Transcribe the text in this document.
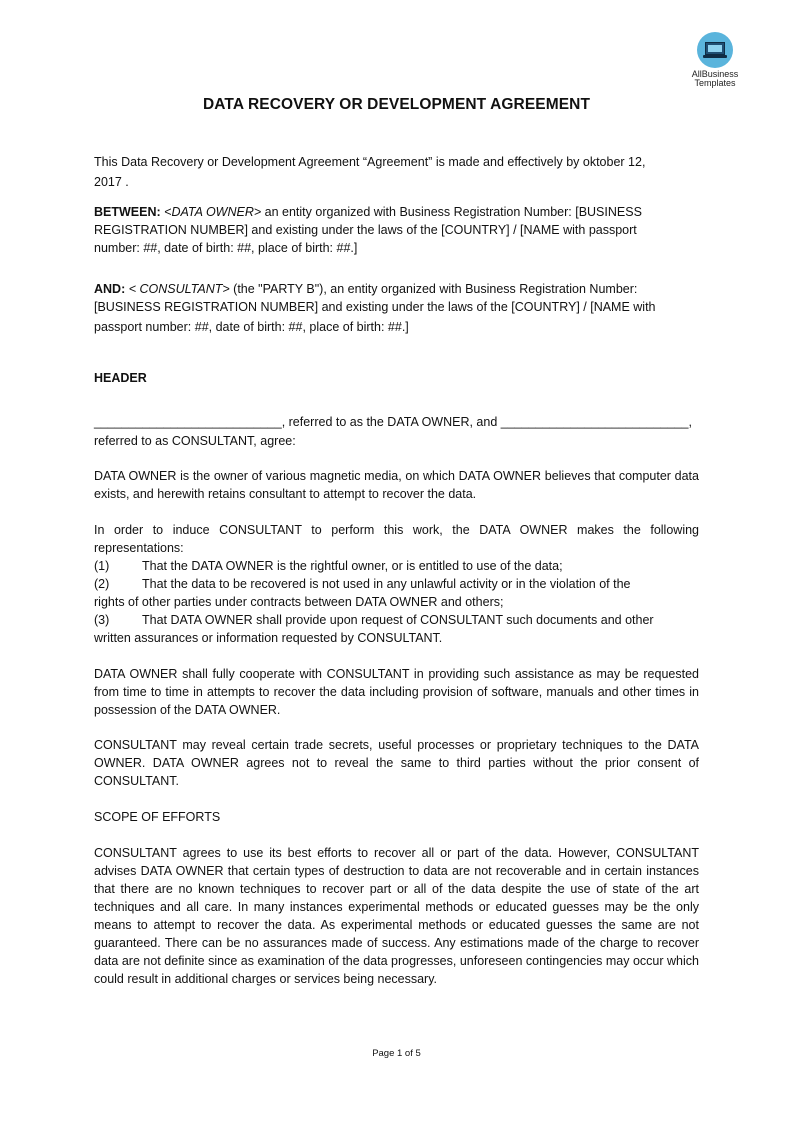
AllBusiness
Templates
DATA RECOVERY OR DEVELOPMENT AGREEMENT
This Data Recovery or Development Agreement “Agreement” is made and effectively by oktober 12,
2017 .
BETWEEN: <DATA OWNER> an entity organized with Business Registration Number: [BUSINESS
REGISTRATION NUMBER] and existing under the laws of the [COUNTRY] / [NAME with passport
number: ##, date of birth: ##, place of birth: ##.]
AND: < CONSULTANT> (the "PARTY B"), an entity organized with Business Registration Number:
[BUSINESS REGISTRATION NUMBER] and existing under the laws of the [COUNTRY] / [NAME with
passport number: ##, date of birth: ##, place of birth: ##.]
HEADER
___________________________, referred to as the DATA OWNER, and ___________________________,
referred to as CONSULTANT, agree:

DATA OWNER is the owner of various magnetic media, on which DATA OWNER believes that computer data exists, and herewith retains consultant to attempt to recover the data.

In order to induce CONSULTANT to perform this work, the DATA OWNER makes the following representations:

(1)	That the DATA OWNER is the rightful owner, or is entitled to use of the data;
(2)	That the data to be recovered is not used in any unlawful activity or in the violation of the
rights of other parties under contracts between DATA OWNER and others;
(3)	That DATA OWNER shall provide upon request of CONSULTANT such documents and other
written assurances or information requested by CONSULTANT.

DATA OWNER shall fully cooperate with CONSULTANT in providing such assistance as may be requested from time to time in attempts to recover the data including provision of software, manuals and other times in possession of the DATA OWNER.

CONSULTANT may reveal certain trade secrets, useful processes or proprietary techniques to the DATA OWNER. DATA OWNER agrees not to reveal the same to third parties without the prior consent of CONSULTANT.

SCOPE OF EFFORTS

CONSULTANT agrees to use its best efforts to recover all or part of the data. However, CONSULTANT advises DATA OWNER that certain types of destruction to data are not recoverable and in certain instances that there are no known techniques to recover part or all of the data despite the use of state of the art techniques and all care. In many instances experimental methods or educated guesses may be the only means to attempt to recover the data. As experimental methods or educated guesses the same are not guaranteed. There can be no assurances made of success. Any estimations made of the charge to recover data are not definite since as examination of the data progresses, unforeseen contingencies may occur which could result in additional charges or services being necessary.

Page 1 of 5
